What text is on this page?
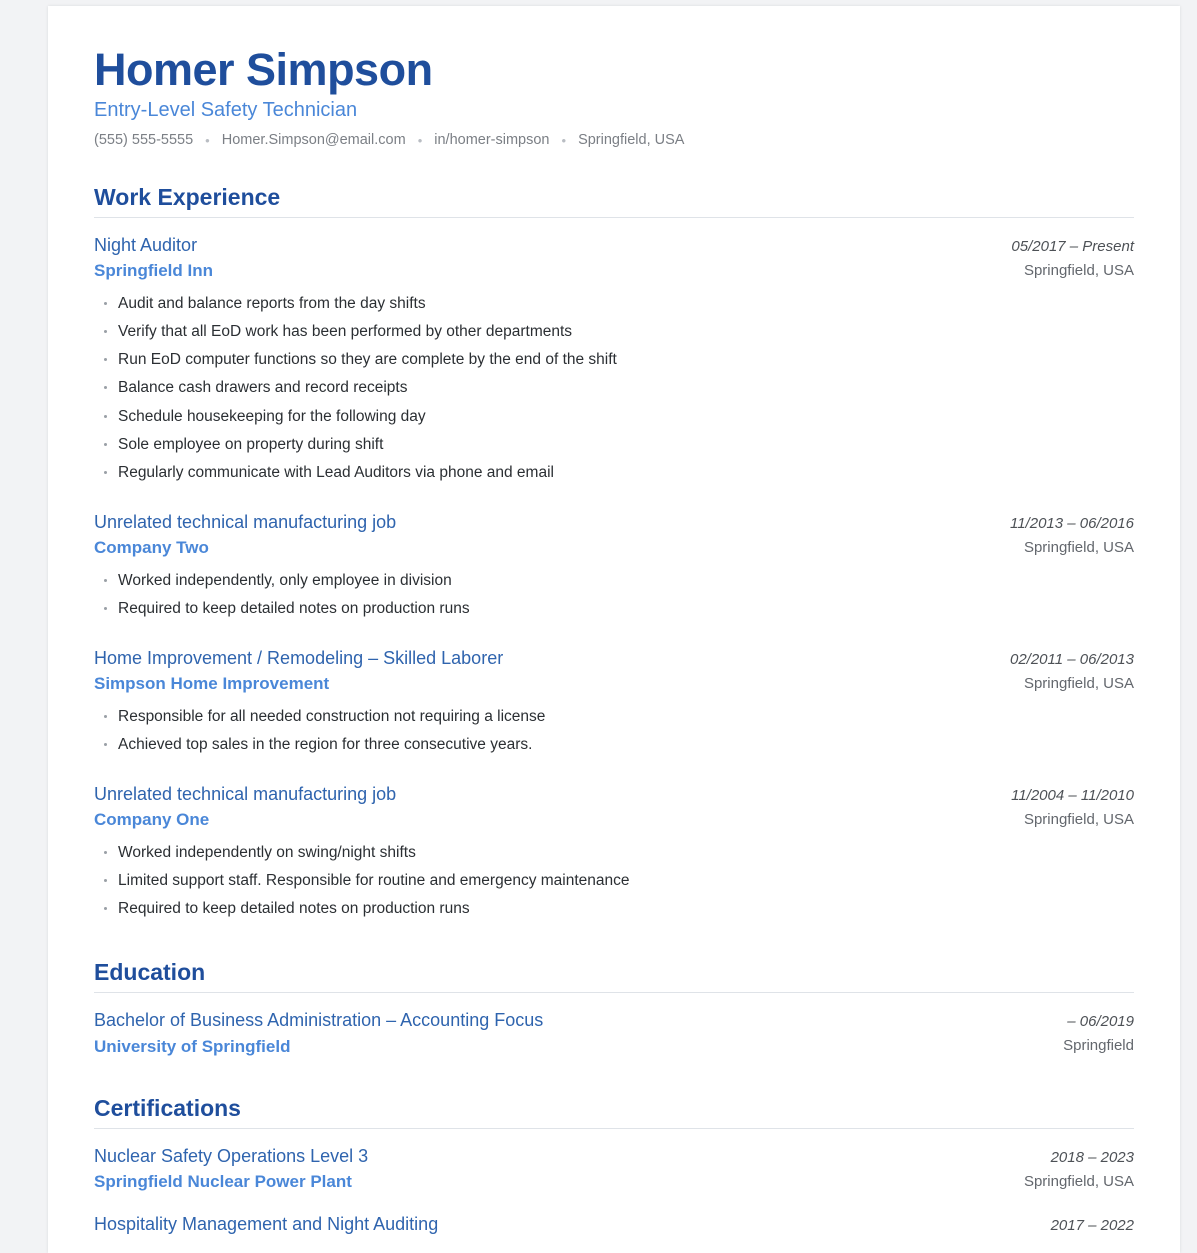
Homer Simpson
Entry-Level Safety Technician
(555) 555-5555 • Homer.Simpson@email.com • in/homer-simpson • Springfield, USA
Work Experience
Night Auditor
Springfield Inn
05/2017 – Present
Springfield, USA
Audit and balance reports from the day shifts
Verify that all EoD work has been performed by other departments
Run EoD computer functions so they are complete by the end of the shift
Balance cash drawers and record receipts
Schedule housekeeping for the following day
Sole employee on property during shift
Regularly communicate with Lead Auditors via phone and email
Unrelated technical manufacturing job
Company Two
11/2013 – 06/2016
Springfield, USA
Worked independently, only employee in division
Required to keep detailed notes on production runs
Home Improvement / Remodeling – Skilled Laborer
Simpson Home Improvement
02/2011 – 06/2013
Springfield, USA
Responsible for all needed construction not requiring a license
Achieved top sales in the region for three consecutive years.
Unrelated technical manufacturing job
Company One
11/2004 – 11/2010
Springfield, USA
Worked independently on swing/night shifts
Limited support staff. Responsible for routine and emergency maintenance
Required to keep detailed notes on production runs
Education
Bachelor of Business Administration – Accounting Focus
University of Springfield
– 06/2019
Springfield
Certifications
Nuclear Safety Operations Level 3
Springfield Nuclear Power Plant
2018 – 2023
Springfield, USA
Hospitality Management and Night Auditing	2017 – 2022
